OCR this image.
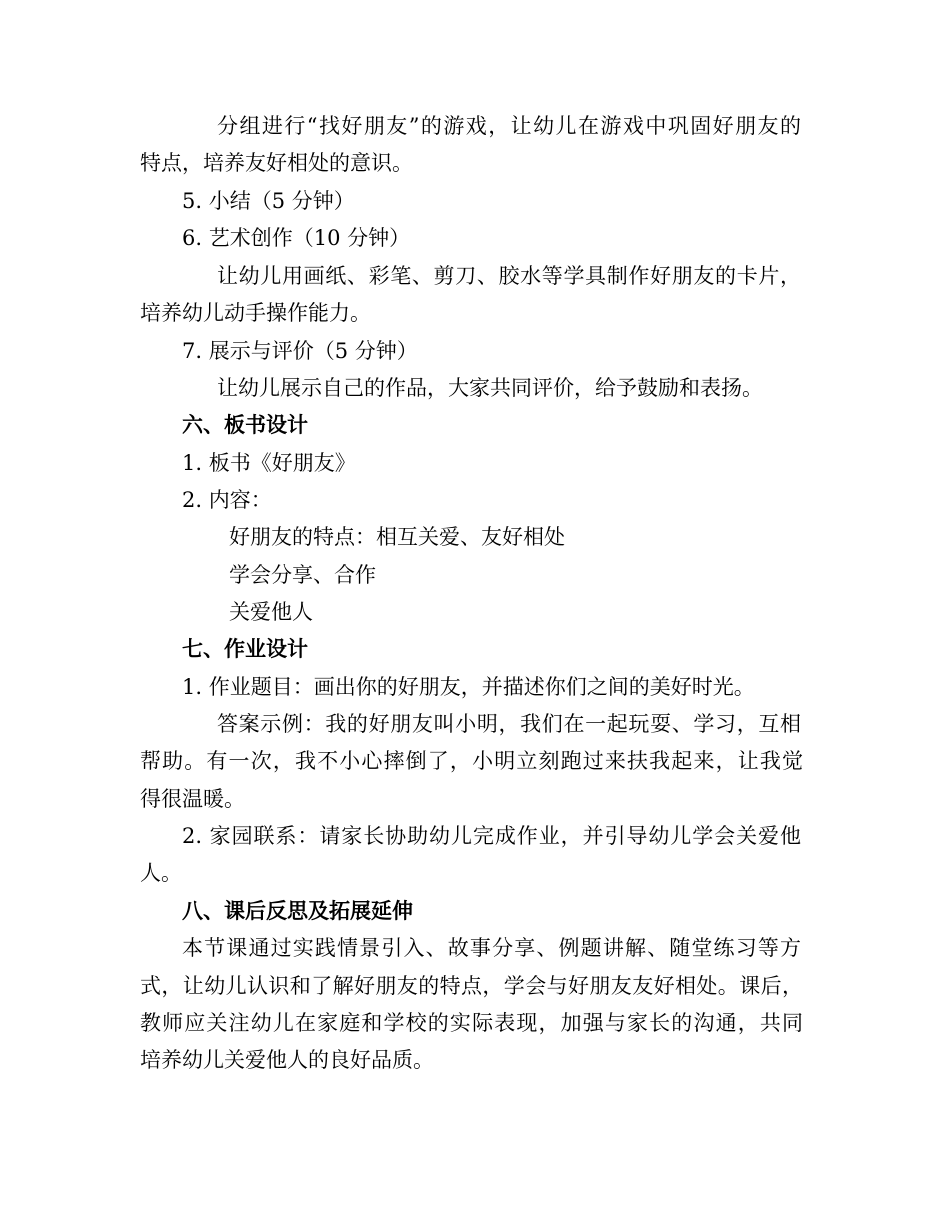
分组进行“找好朋友”的游戏，让幼儿在游戏中巩固好朋友的
特点，培养友好相处的意识。
5. 小结（5 分钟）
6. 艺术创作（10 分钟）
让幼儿用画纸、彩笔、剪刀、胶水等学具制作好朋友的卡片，
培养幼儿动手操作能力。
7. 展示与评价（5 分钟）
让幼儿展示自己的作品，大家共同评价，给予鼓励和表扬。
六、板书设计
1. 板书《好朋友》
2. 内容：
好朋友的特点：相互关爱、友好相处
学会分享、合作
关爱他人
七、作业设计
1. 作业题目：画出你的好朋友，并描述你们之间的美好时光。
答案示例：我的好朋友叫小明，我们在一起玩耍、学习，互相
帮助。有一次，我不小心摔倒了，小明立刻跑过来扶我起来，让我觉
得很温暖。
2. 家园联系：请家长协助幼儿完成作业，并引导幼儿学会关爱他
人。
八、课后反思及拓展延伸
本节课通过实践情景引入、故事分享、例题讲解、随堂练习等方
式，让幼儿认识和了解好朋友的特点，学会与好朋友友好相处。课后，
教师应关注幼儿在家庭和学校的实际表现，加强与家长的沟通，共同
培养幼儿关爱他人的良好品质。
